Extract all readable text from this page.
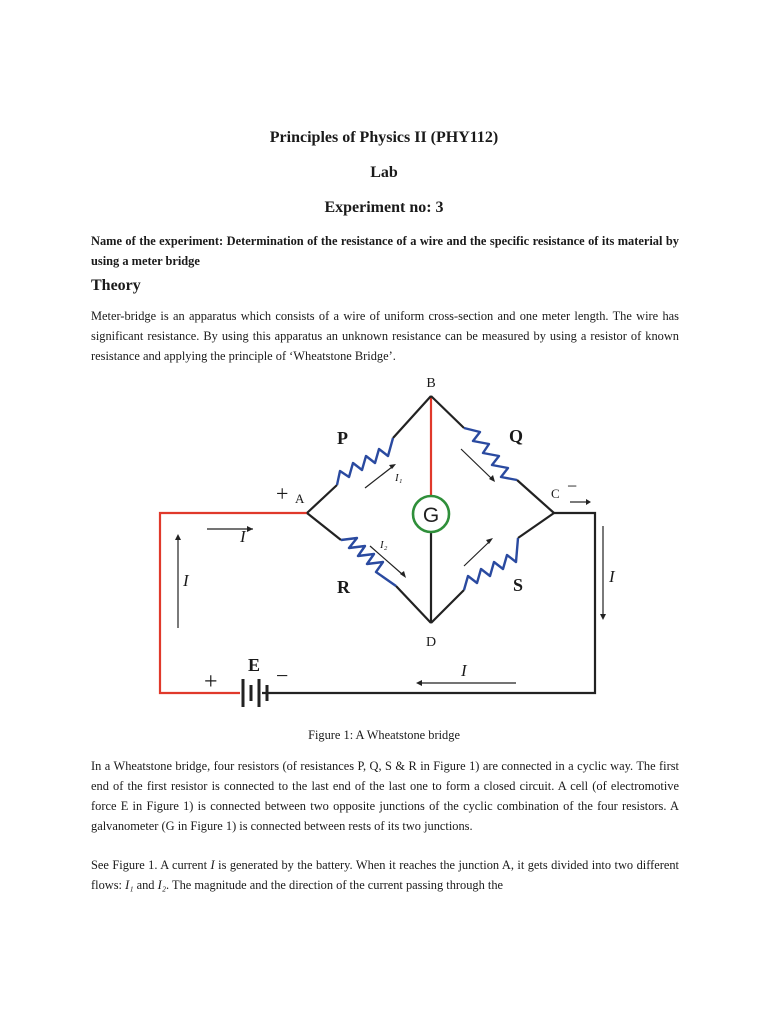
Principles of Physics II (PHY112)
Lab
Experiment no: 3
Name of the experiment: Determination of the resistance of a wire and the specific resistance of its material by using a meter bridge
Theory
Meter-bridge is an apparatus which consists of a wire of uniform cross-section and one meter length. The wire has significant resistance. By using this apparatus an unknown resistance can be measured by using a resistor of known resistance and applying the principle of ‘Wheatstone Bridge’.
G
B
D
A
+	C −
P	Q
R	S
E
+	−
I
I	I
I
I₁
I₂
Figure 1: A Wheatstone bridge
In a Wheatstone bridge, four resistors (of resistances P, Q, S & R in Figure 1) are connected in a cyclic way. The first end of the first resistor is connected to the last end of the last one to form a closed circuit. A cell (of electromotive force E in Figure 1) is connected between two opposite junctions of the cyclic combination of the four resistors. A galvanometer (G in Figure 1) is connected between rests of its two junctions.
See Figure 1. A current I is generated by the battery. When it reaches the junction A, it gets divided into two different flows: I₁ and I₂. The magnitude and the direction of the current passing through the
